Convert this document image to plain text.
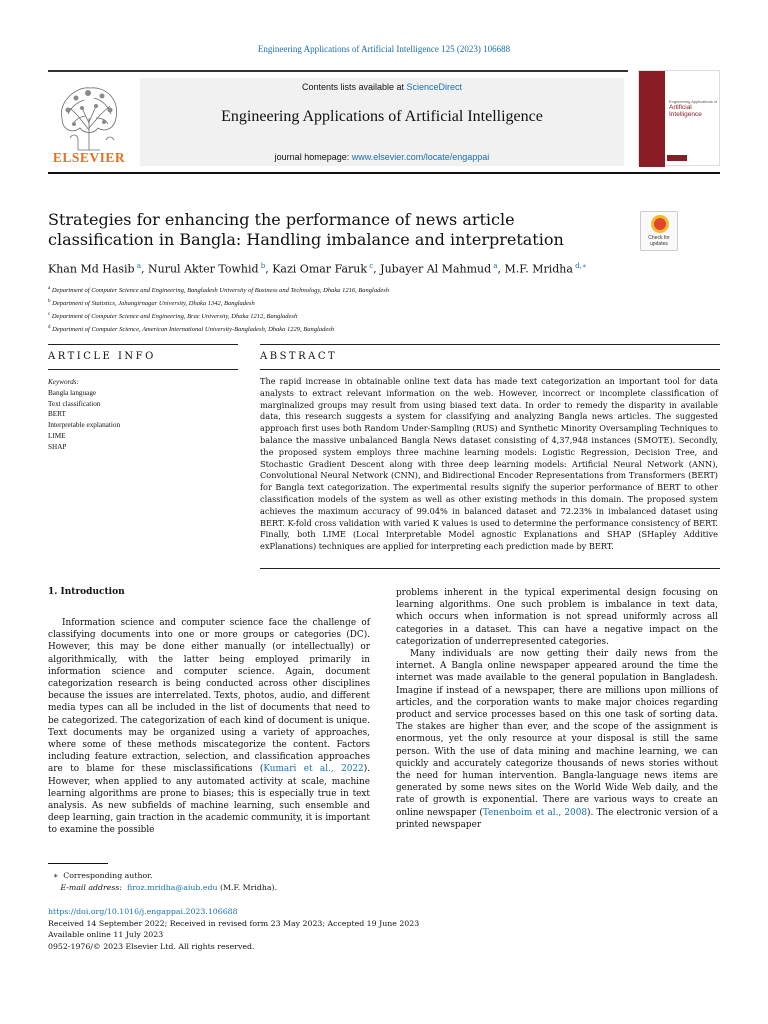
Engineering Applications of Artificial Intelligence 125 (2023) 106688
ELSEVIER
Contents lists available at ScienceDirect
Engineering Applications of Artificial Intelligence
journal homepage: www.elsevier.com/locate/engappai
Engineering Applications of
Artificial
Intelligence
Strategies for enhancing the performance of news article classification in Bangla: Handling imbalance and interpretation	Check for
updates
Khan Md Hasib  $^a$, Nurul Akter Towhid  $^b$, Kazi Omar Faruk  $^c$, Jubayer Al Mahmud  $^a$, M.F. Mridha  $^{d,∗}$
$^a$ Department of Computer Science and Engineering, Bangladesh University of Business and Technology, Dhaka 1216, Bangladesh
$^b$ Department of Statistics, Jahangirnagar University, Dhaka 1342, Bangladesh
$^c$ Department of Computer Science and Engineering, Brac University, Dhaka 1212, Bangladesh
$^d$ Department of Computer Science, American International University-Bangladesh, Dhaka 1229, Bangladesh
ARTICLE INFO	ABSTRACT
Keywords:
Bangla language
Text classification
BERT
Interpretable explanation
LIME
SHAP
The rapid increase in obtainable online text data has made text categorization an important tool for data analysts to extract relevant information on the web. However, incorrect or incomplete classification of marginalized groups may result from using biased text data. In order to remedy the disparity in available data, this research suggests a system for classifying and analyzing Bangla news articles. The suggested approach first uses both Random Under-Sampling (RUS) and Synthetic Minority Oversampling Techniques to balance the massive unbalanced Bangla News dataset consisting of 4,37,948 instances (SMOTE). Secondly, the proposed system employs three machine learning models: Logistic Regression, Decision Tree, and Stochastic Gradient Descent along with three deep learning models: Artificial Neural Network (ANN), Convolutional Neural Network (CNN), and Bidirectional Encoder Representations from Transformers (BERT) for Bangla text categorization. The experimental results signify the superior performance of BERT to other classification models of the system as well as other existing methods in this domain. The proposed system achieves the maximum accuracy of 99.04% in balanced dataset and 72.23% in imbalanced dataset using BERT. K-fold cross validation with varied K values is used to determine the performance consistency of BERT. Finally, both LIME (Local Interpretable Model agnostic Explanations and SHAP (SHapley Additive exPlanations) techniques are applied for interpreting each prediction made by BERT.
1. Introduction

Information science and computer science face the challenge of classifying documents into one or more groups or categories (DC). However, this may be done either manually (or intellectually) or algorithmically, with the latter being employed primarily in information science and computer science. Again, document categorization research is being conducted across other disciplines because the issues are interrelated. Texts, photos, audio, and different media types can all be included in the list of documents that need to be categorized. The categorization of each kind of document is unique. Text documents may be organized using a variety of approaches, where some of these methods miscategorize the content. Factors including feature extraction, selection, and classification approaches are to blame for these misclassifications (Kumari et al., 2022). However, when applied to any automated activity at scale, machine learning algorithms are prone to biases; this is especially true in text analysis. As new subfields of machine learning, such ensemble and deep learning, gain traction in the academic community, it is important to examine the possible

problems inherent in the typical experimental design focusing on learning algorithms. One such problem is imbalance in text data, which occurs when information is not spread uniformly across all categories in a dataset. This can have a negative impact on the categorization of underrepresented categories.

Many individuals are now getting their daily news from the internet. A Bangla online newspaper appeared around the time the internet was made available to the general population in Bangladesh. Imagine if instead of a newspaper, there are millions upon millions of articles, and the corporation wants to make major choices regarding product and service processes based on this one task of sorting data. The stakes are higher than ever, and the scope of the assignment is enormous, yet the only resource at your disposal is still the same person. With the use of data mining and machine learning, we can quickly and accurately categorize thousands of news stories without the need for human intervention. Bangla-language news items are generated by some news sites on the World Wide Web daily, and the rate of growth is exponential. There are various ways to create an online newspaper (Tenenboim et al., 2008). The electronic version of a printed newspaper

∗ Corresponding author.
E-mail address: firoz.mridha@aiub.edu (M.F. Mridha).
https://doi.org/10.1016/j.engappai.2023.106688
Received 14 September 2022; Received in revised form 23 May 2023; Accepted 19 June 2023
Available online 11 July 2023
0952-1976/© 2023 Elsevier Ltd. All rights reserved.
